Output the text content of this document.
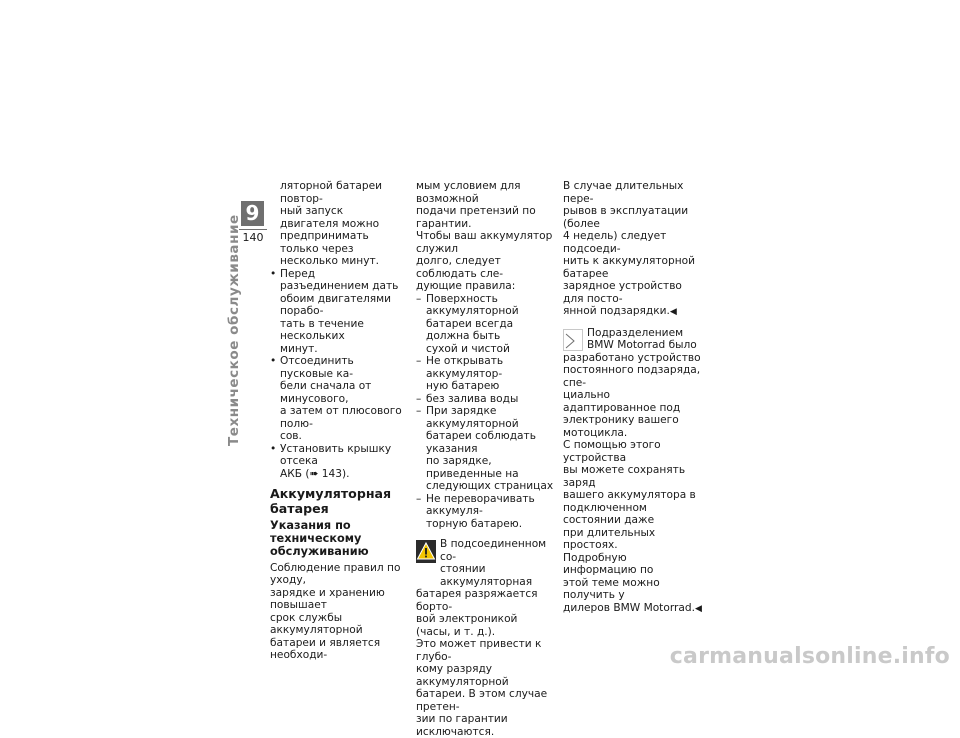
9
140
Техническое обслуживание

ляторной батареи повтор-
ный запуск двигателя можно
предпринимать только через
несколько минут.

• Перед разъединением дать
обоим двигателями порабо-
тать в течение нескольких
минут.

• Отсоединить пусковые ка-
бели сначала от минусового,
а затем от плюсового полю-
сов.

• Установить крышку отсека
АКБ (➠ 143).

Аккумуляторная
батарея
Указания по
техническому
обслуживанию

Соблюдение правил по уходу,
зарядке и хранению повышает
срок службы аккумуляторной
батареи и является необходи-

мым условием для возможной
подачи претензий по гарантии.
Чтобы ваш аккумулятор служил
долго, следует соблюдать сле-
дующие правила:

– Поверхность аккумуляторной
батареи всегда должна быть
сухой и чистой

– Не открывать аккумулятор-
ную батарею

– без залива воды

– При зарядке аккумуляторной
батареи соблюдать указания
по зарядке, приведенные на
следующих страницах

– Не переворачивать аккумуля-
торную батарею.

В подсоединенном со-
стоянии аккумуляторная

батарея разряжается борто-
вой электроникой (часы, и т. д.).
Это может привести к глубо-
кому разряду аккумуляторной
батареи. В этом случае претен-
зии по гарантии исключаются.

В случае длительных пере-
рывов в эксплуатации (более
4 недель) следует подсоеди-
нить к аккумуляторной батарее
зарядное устройство для посто-
янной подзарядки.◀

Подразделением
BMW Motorrad было

разработано устройство
постоянного подзаряда, спе-
циально адаптированное под
электронику вашего мотоцикла.
С помощью этого устройства
вы можете сохранять заряд
вашего аккумулятора в
подключенном состоянии даже
при длительных простоях.
Подробную информацию по
этой теме можно получить у
дилеров BMW Motorrad.◀

carmanualsonline.info
